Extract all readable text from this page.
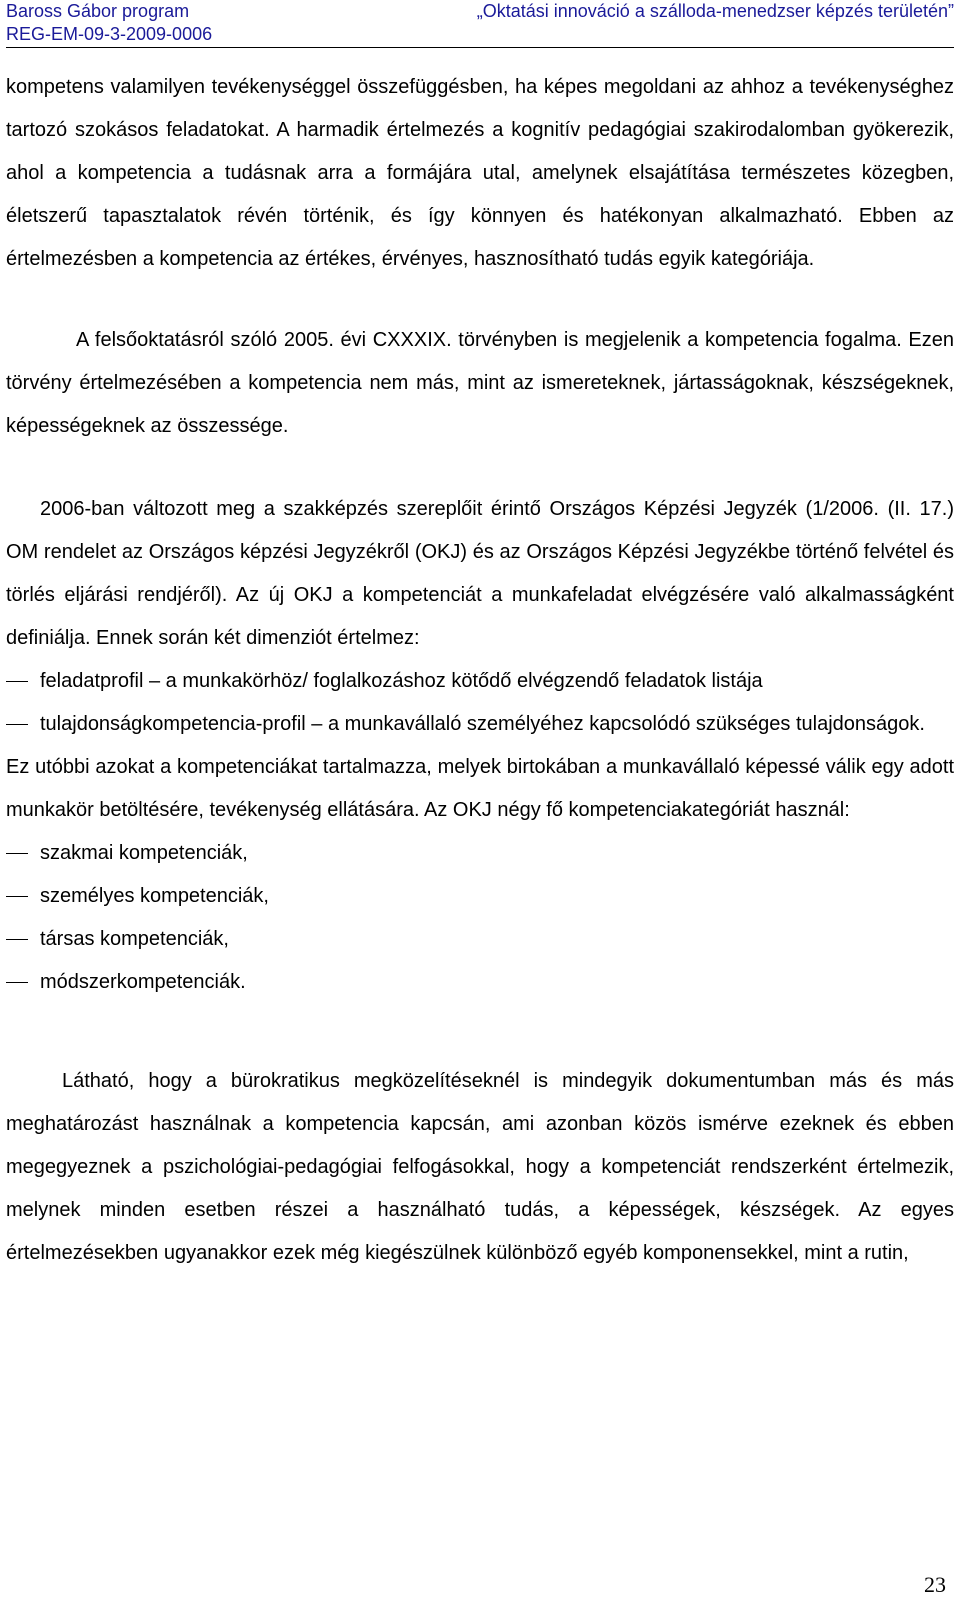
Baross Gábor program
REG-EM-09-3-2009-0006
„Oktatási innováció a szálloda-menedzser képzés területén”

kompetens valamilyen tevékenységgel összefüggésben, ha képes megoldani az ahhoz a tevékenységhez tartozó szokásos feladatokat. A harmadik értelmezés a kognitív pedagógiai szakirodalomban gyökerezik, ahol a kompetencia a tudásnak arra a formájára utal, amelynek elsajátítása természetes közegben, életszerű tapasztalatok révén történik, és így könnyen és hatékonyan alkalmazható. Ebben az értelmezésben a kompetencia az értékes, érvényes, hasznosítható tudás egyik kategóriája.

A felsőoktatásról szóló 2005. évi CXXXIX. törvényben is megjelenik a kompetencia fogalma. Ezen törvény értelmezésében a kompetencia nem más, mint az ismereteknek, jártasságoknak, készségeknek, képességeknek az összessége.

2006-ban változott meg a szakképzés szereplőit érintő Országos Képzési Jegyzék (1/2006. (II. 17.) OM rendelet az Országos képzési Jegyzékről (OKJ) és az Országos Képzési Jegyzékbe történő felvétel és törlés eljárási rendjéről). Az új OKJ a kompetenciát a munkafeladat elvégzésére való alkalmasságként definiálja. Ennek során két dimenziót értelmez:

feladatprofil – a munkakörhöz/ foglalkozáshoz kötődő elvégzendő feladatok listája
tulajdonságkompetencia-profil – a munkavállaló személyéhez kapcsolódó szükséges tulajdonságok.

Ez utóbbi azokat a kompetenciákat tartalmazza, melyek birtokában a munkavállaló képessé válik egy adott munkakör betöltésére, tevékenység ellátására. Az OKJ négy fő kompetenciakategóriát használ:

szakmai kompetenciák,
személyes kompetenciák,
társas kompetenciák,
módszerkompetenciák.

Látható, hogy a bürokratikus megközelítéseknél is mindegyik dokumentumban más és más meghatározást használnak a kompetencia kapcsán, ami azonban közös ismérve ezeknek és ebben megegyeznek a pszichológiai-pedagógiai felfogásokkal, hogy a kompetenciát rendszerként értelmezik, melynek minden esetben részei a használható tudás, a képességek, készségek. Az egyes értelmezésekben ugyanakkor ezek még kiegészülnek különböző egyéb komponensekkel, mint a rutin,

23
